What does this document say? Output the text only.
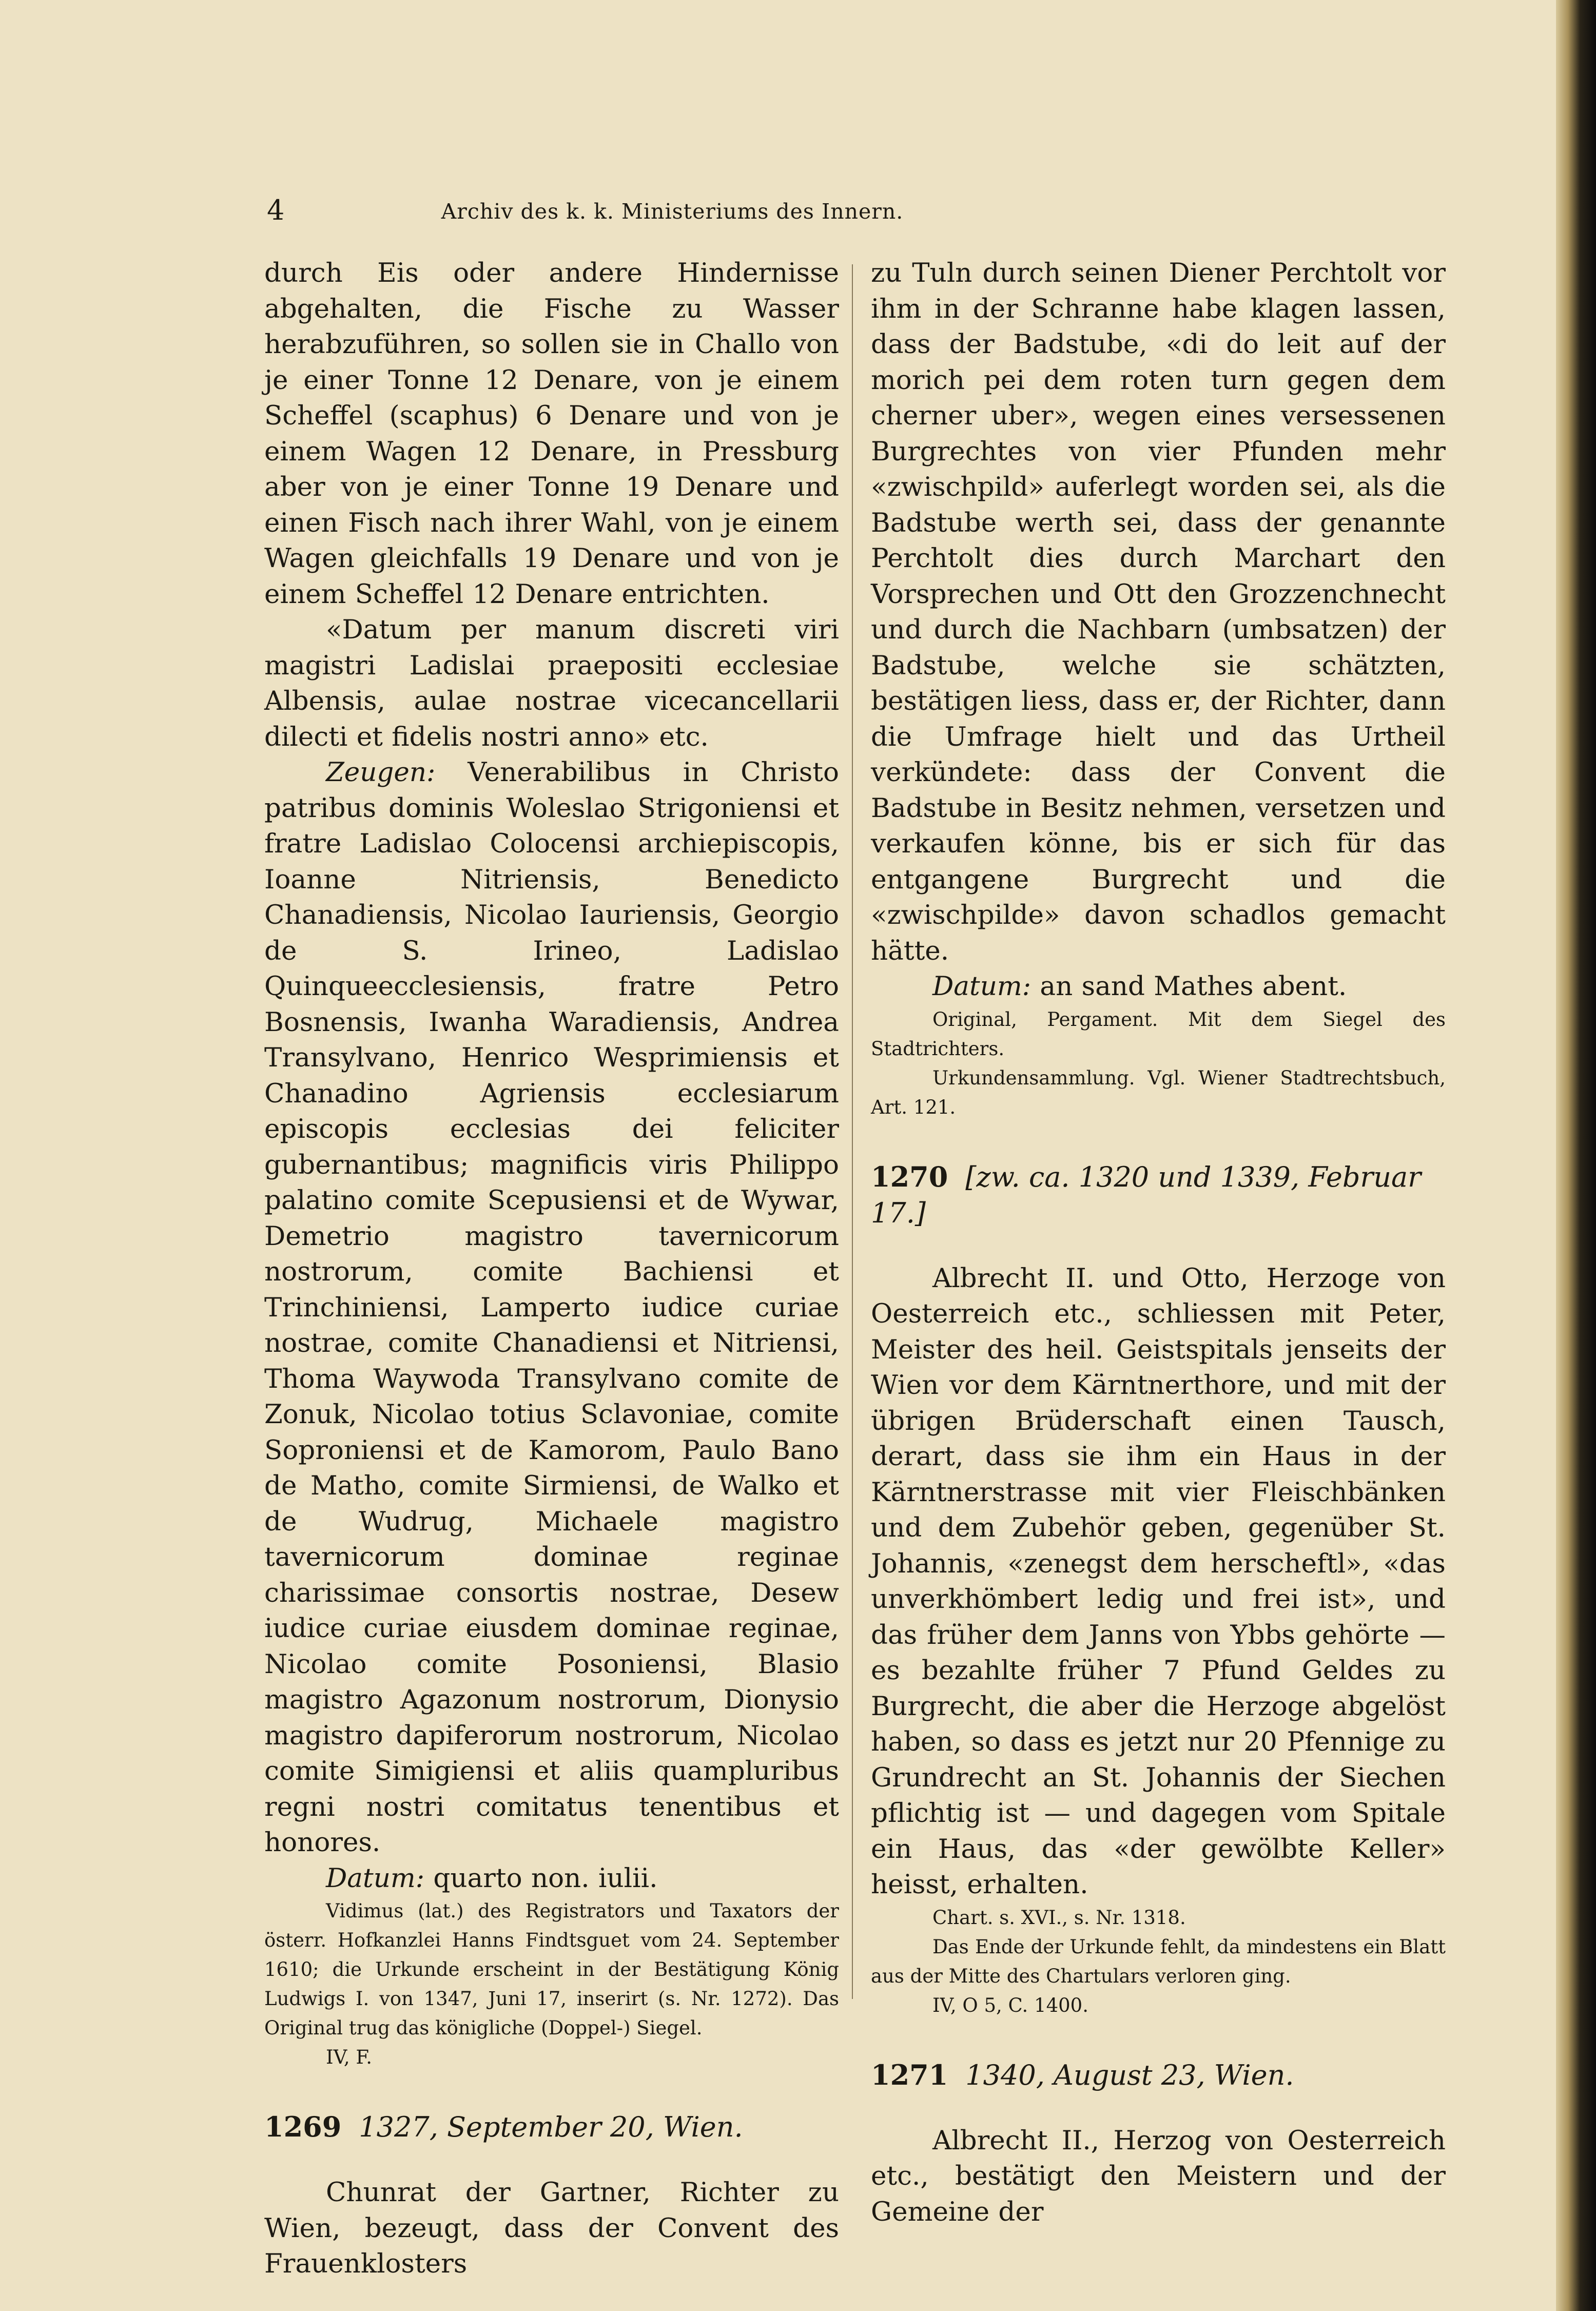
4	Archiv des k. k. Ministeriums des Innern.

durch Eis oder andere Hindernisse abgehalten, die Fische zu Wasser herabzuführen, so sollen sie in Challo von je einer Tonne 12 Denare, von je einem Scheffel (scaphus) 6 Denare und von je einem Wagen 12 Denare, in Pressburg aber von je einer Tonne 19 Denare und einen Fisch nach ihrer Wahl, von je einem Wagen gleichfalls 19 Denare und von je einem Scheffel 12 Denare entrichten.

«Datum per manum discreti viri magistri Ladislai praepositi ecclesiae Albensis, aulae nostrae vicecancellarii dilecti et fidelis nostri anno» etc.

Zeugen: Venerabilibus in Christo patribus dominis Woleslao Strigoniensi et fratre Ladislao Colocensi archiepiscopis, Ioanne Nitriensis, Benedicto Chanadiensis, Nicolao Iauriensis, Georgio de S. Irineo, Ladislao Quinqueecclesiensis, fratre Petro Bosnensis, Iwanha Waradiensis, Andrea Transylvano, Henrico Wesprimiensis et Chanadino Agriensis ecclesiarum episcopis ecclesias dei feliciter gubernantibus; magnificis viris Philippo palatino comite Scepusiensi et de Wywar, Demetrio magistro tavernicorum nostrorum, comite Bachiensi et Trinchiniensi, Lamperto iudice curiae nostrae, comite Chanadiensi et Nitriensi, Thoma Waywoda Transylvano comite de Zonuk, Nicolao totius Sclavoniae, comite Soproniensi et de Kamorom, Paulo Bano de Matho, comite Sirmiensi, de Walko et de Wudrug, Michaele magistro tavernicorum dominae reginae charissimae consortis nostrae, Desew iudice curiae eiusdem dominae reginae, Nicolao comite Posoniensi, Blasio magistro Agazonum nostrorum, Dionysio magistro dapiferorum nostrorum, Nicolao comite Simigiensi et aliis quampluribus regni nostri comitatus tenentibus et honores.

Datum: quarto non. iulii.

Vidimus (lat.) des Registrators und Taxators der österr. Hofkanzlei Hanns Findtsguet vom 24. September 1610; die Urkunde erscheint in der Bestätigung König Ludwigs I. von 1347, Juni 17, inserirt (s. Nr. 1272). Das Original trug das königliche (Doppel-) Siegel.

IV, F.

1269 1327, September 20, Wien.

Chunrat der Gartner, Richter zu Wien, bezeugt, dass der Convent des Frauenklosters

zu Tuln durch seinen Diener Perchtolt vor ihm in der Schranne habe klagen lassen, dass der Badstube, «di do leit auf der morich pei dem roten turn gegen dem cherner uber», wegen eines versessenen Burgrechtes von vier Pfunden mehr «zwischpild» auferlegt worden sei, als die Badstube werth sei, dass der genannte Perchtolt dies durch Marchart den Vorsprechen und Ott den Grozzenchnecht und durch die Nachbarn (umbsatzen) der Badstube, welche sie schätzten, bestätigen liess, dass er, der Richter, dann die Umfrage hielt und das Urtheil verkündete: dass der Convent die Badstube in Besitz nehmen, versetzen und verkaufen könne, bis er sich für das entgangene Burgrecht und die «zwischpilde» davon schadlos gemacht hätte.

Datum: an sand Mathes abent.

Original, Pergament. Mit dem Siegel des Stadtrichters.

Urkundensammlung. Vgl. Wiener Stadtrechtsbuch, Art. 121.

1270 [zw. ca. 1320 und 1339, Februar 17.]

Albrecht II. und Otto, Herzoge von Oesterreich etc., schliessen mit Peter, Meister des heil. Geistspitals jenseits der Wien vor dem Kärntnerthore, und mit der übrigen Brüderschaft einen Tausch, derart, dass sie ihm ein Haus in der Kärntnerstrasse mit vier Fleischbänken und dem Zubehör geben, gegenüber St. Johannis, «zenegst dem herscheftl», «das unverkhömbert ledig und frei ist», und das früher dem Janns von Ybbs gehörte — es bezahlte früher 7 Pfund Geldes zu Burgrecht, die aber die Herzoge abgelöst haben, so dass es jetzt nur 20 Pfennige zu Grundrecht an St. Johannis der Siechen pflichtig ist — und dagegen vom Spitale ein Haus, das «der gewölbte Keller» heisst, erhalten.

Chart. s. XVI., s. Nr. 1318.

Das Ende der Urkunde fehlt, da mindestens ein Blatt aus der Mitte des Chartulars verloren ging.

IV, O 5, C. 1400.

1271 1340, August 23, Wien.

Albrecht II., Herzog von Oesterreich etc., bestätigt den Meistern und der Gemeine der
